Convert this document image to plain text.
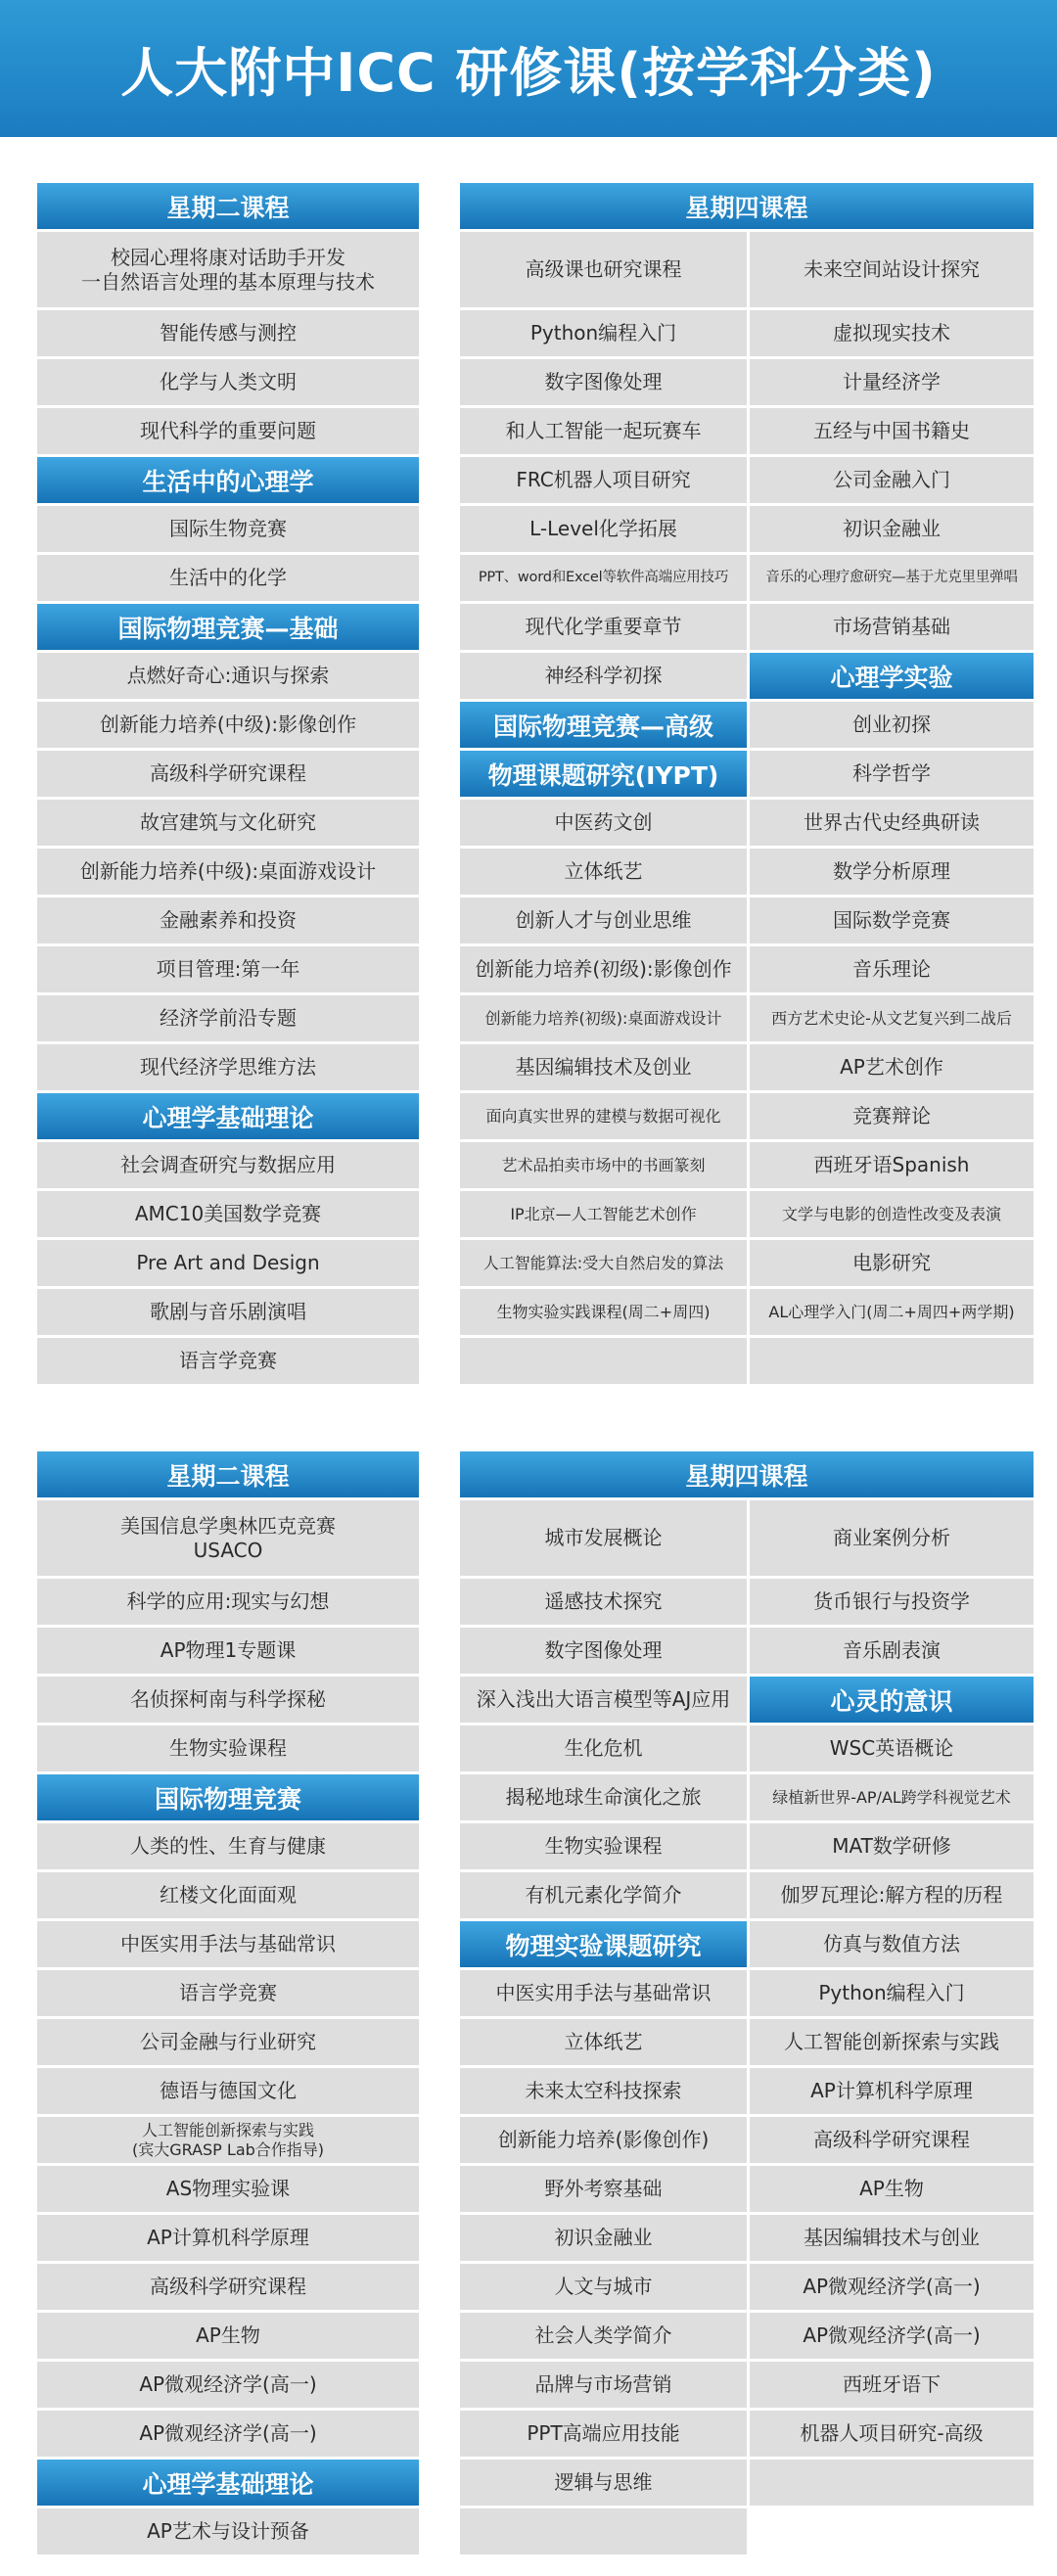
人大附中ICC 研修课(按学科分类)
星期二课程
校园心理将康对话助手开发
一自然语言处理的基本原理与技术
智能传感与测控
化学与人类文明
现代科学的重要问题
生活中的心理学
国际生物竞赛
生活中的化学
国际物理竞赛—基础
点燃好奇心:通识与探索
创新能力培养(中级):影像创作
高级科学研究课程
故宫建筑与文化研究
创新能力培养(中级):桌面游戏设计
金融素养和投资
项目管理:第一年
经济学前沿专题
现代经济学思维方法
心理学基础理论
社会调查研究与数据应用
AMC10美国数学竞赛
Pre Art and Design
歌剧与音乐剧演唱
语言学竞赛
星期四课程
高级课也研究课程
Python编程入门
数字图像处理
和人工智能一起玩赛车
FRC机器人项目研究
L-Level化学拓展
PPT、word和Excel等软件高端应用技巧
现代化学重要章节
神经科学初探
国际物理竞赛—高级
物理课题研究(IYPT)
中医药文创
立体纸艺
创新人才与创业思维
创新能力培养(初级):影像创作
创新能力培养(初级):桌面游戏设计
基因编辑技术及创业
面向真实世界的建模与数据可视化
艺术品拍卖市场中的书画篆刻
IP北京—人工智能艺术创作
人工智能算法:受大自然启发的算法
生物实验实践课程(周二+周四)
未来空间站设计探究
虚拟现实技术
计量经济学
五经与中国书籍史
公司金融入门
初识金融业
音乐的心理疗愈研究—基于尤克里里弹唱
市场营销基础
心理学实验
创业初探
科学哲学
世界古代史经典研读
数学分析原理
国际数学竞赛
音乐理论
西方艺术史论-从文艺复兴到二战后
AP艺术创作
竞赛辩论
西班牙语Spanish
文学与电影的创造性改变及表演
电影研究
AL心理学入门(周二+周四+两学期)
星期二课程
美国信息学奥林匹克竞赛
USACO
科学的应用:现实与幻想
AP物理1专题课
名侦探柯南与科学探秘
生物实验课程
国际物理竞赛
人类的性、生育与健康
红楼文化面面观
中医实用手法与基础常识
语言学竞赛
公司金融与行业研究
德语与德国文化
人工智能创新探索与实践
(宾大GRASP Lab合作指导)
AS物理实验课
AP计算机科学原理
高级科学研究课程
AP生物
AP微观经济学(高一)
AP微观经济学(高一)
心理学基础理论
AP艺术与设计预备
星期四课程
城市发展概论
遥感技术探究
数字图像处理
深入浅出大语言模型等AJ应用
生化危机
揭秘地球生命演化之旅
生物实验课程
有机元素化学简介
物理实验课题研究
中医实用手法与基础常识
立体纸艺
未来太空科技探索
创新能力培养(影像创作)
野外考察基础
初识金融业
人文与城市
社会人类学简介
品牌与市场营销
PPT高端应用技能
逻辑与思维
商业案例分析
货币银行与投资学
音乐剧表演
心灵的意识
WSC英语概论
绿植新世界-AP/AL跨学科视觉艺术
MAT数学研修
伽罗瓦理论:解方程的历程
仿真与数值方法
Python编程入门
人工智能创新探索与实践
AP计算机科学原理
高级科学研究课程
AP生物
基因编辑技术与创业
AP微观经济学(高一)
AP微观经济学(高一)
西班牙语下
机器人项目研究-高级
